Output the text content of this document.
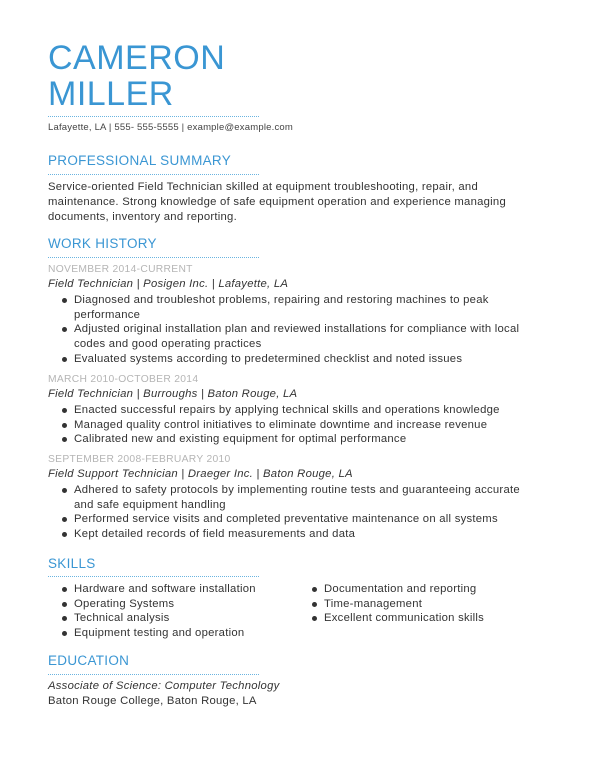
CAMERON
MILLER
Lafayette, LA | 555- 555-5555 | example@example.com
PROFESSIONAL SUMMARY
Service-oriented Field Technician skilled at equipment troubleshooting, repair, and
maintenance. Strong knowledge of safe equipment operation and experience managing
documents, inventory and reporting.
WORK HISTORY
NOVEMBER 2014-CURRENT
Field Technician | Posigen Inc. | Lafayette, LA
Diagnosed and troubleshot problems, repairing and restoring machines to peak
performance
Adjusted original installation plan and reviewed installations for compliance with local
codes and good operating practices
Evaluated systems according to predetermined checklist and noted issues
MARCH 2010-OCTOBER 2014
Field Technician | Burroughs | Baton Rouge, LA
Enacted successful repairs by applying technical skills and operations knowledge
Managed quality control initiatives to eliminate downtime and increase revenue
Calibrated new and existing equipment for optimal performance
SEPTEMBER 2008-FEBRUARY 2010
Field Support Technician | Draeger Inc. | Baton Rouge, LA
Adhered to safety protocols by implementing routine tests and guaranteeing accurate
and safe equipment handling
Performed service visits and completed preventative maintenance on all systems
Kept detailed records of field measurements and data
SKILLS
Hardware and software installation
Operating Systems
Technical analysis
Equipment testing and operation
Documentation and reporting
Time-management
Excellent communication skills
EDUCATION
Associate of Science: Computer Technology
Baton Rouge College, Baton Rouge, LA
